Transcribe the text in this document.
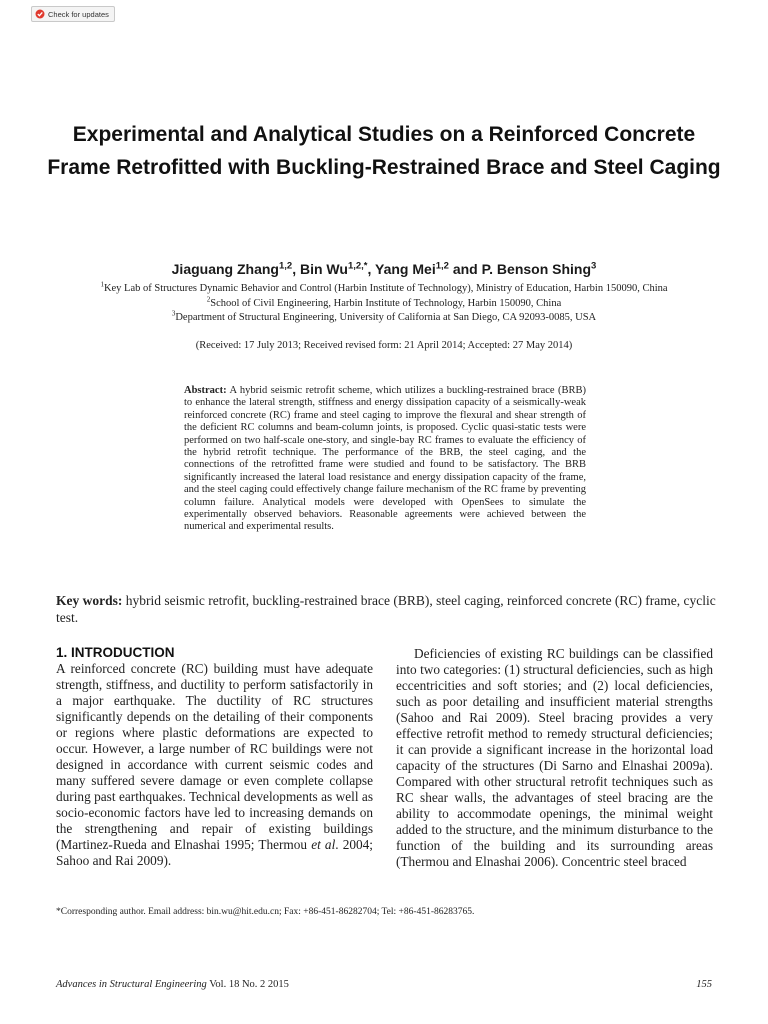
Check for updates
Experimental and Analytical Studies on a Reinforced Concrete Frame Retrofitted with Buckling-Restrained Brace and Steel Caging
Jiaguang Zhang$^{1,2}$, Bin $Wu^{1,2,*}$, Yang Mei$^{1,2}$ and P. Benson Shing$^3$
$^1$Key Lab of Structures Dynamic Behavior and Control (Harbin Institute of Technology), Ministry of Education, Harbin 150090, China
$^2$School of Civil Engineering, Harbin Institute of Technology, Harbin 150090, China
$^3$Department of Structural Engineering, University of California at San Diego, CA 92093-0085, USA
(Received: 17 July 2013; Received revised form: 21 April 2014; Accepted: 27 May 2014)

Abstract: A hybrid seismic retrofit scheme, which utilizes a buckling-restrained brace (BRB) to enhance the lateral strength, stiffness and energy dissipation capacity of a seismically-weak reinforced concrete (RC) frame and steel caging to improve the flexural and shear strength of the deficient RC columns and beam-column joints, is proposed. Cyclic quasi-static tests were performed on two half-scale one-story, and single-bay RC frames to evaluate the efficiency of the hybrid retrofit technique. The performance of the BRB, the steel caging, and the connections of the retrofitted frame were studied and found to be satisfactory. The BRB significantly increased the lateral load resistance and energy dissipation capacity of the frame, and the steel caging could effectively change failure mechanism of the RC frame by preventing column failure. Analytical models were developed with OpenSees to simulate the experimentally observed behaviors. Reasonable agreements were achieved between the numerical and experimental results.

Key words: hybrid seismic retrofit, buckling-restrained brace (BRB), steel caging, reinforced concrete (RC) frame, cyclic test.

1. INTRODUCTION

A reinforced concrete (RC) building must have adequate strength, stiffness, and ductility to perform satisfactorily in a major earthquake. The ductility of RC structures significantly depends on the detailing of their components or regions where plastic deformations are expected to occur. However, a large number of RC buildings were not designed in accordance with current seismic codes and many suffered severe damage or even complete collapse during past earthquakes. Technical developments as well as socio-economic factors have led to increasing demands on the strengthening and repair of existing buildings (Martinez-Rueda and Elnashai 1995; Thermou et al. 2004; Sahoo and Rai 2009).

Deficiencies of existing RC buildings can be classified into two categories: (1) structural deficiencies, such as high eccentricities and soft stories; and (2) local deficiencies, such as poor detailing and insufficient material strengths (Sahoo and Rai 2009). Steel bracing provides a very effective retrofit method to remedy structural deficiencies; it can provide a significant increase in the horizontal load capacity of the structures (Di Sarno and Elnashai 2009a). Compared with other structural retrofit techniques such as RC shear walls, the advantages of steel bracing are the ability to accommodate openings, the minimal weight added to the structure, and the minimum disturbance to the function of the building and its surrounding areas (Thermou and Elnashai 2006). Concentric steel braced

*Corresponding author. Email address: bin.wu@hit.edu.cn; Fax: +86-451-86282704; Tel: +86-451-86283765.
Advances in Structural Engineering Vol. 18 No. 2 2015	155
